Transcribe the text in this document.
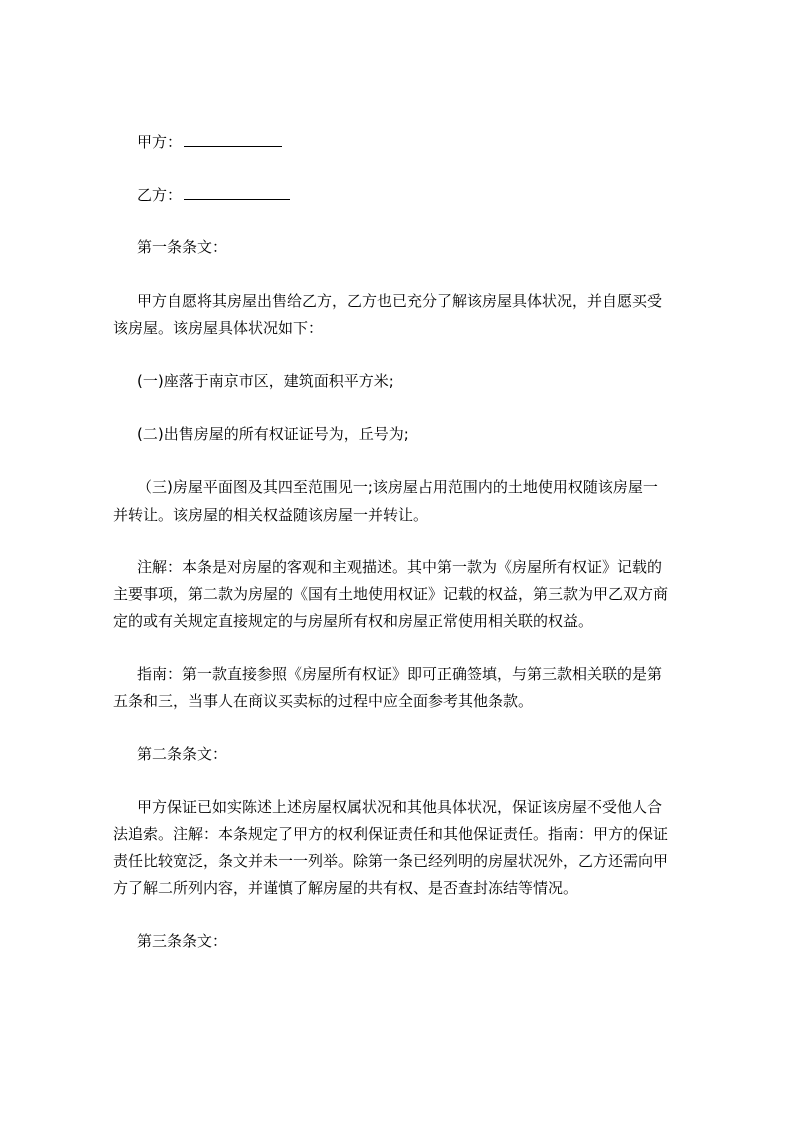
甲方：
乙方：
第一条条文：
甲方自愿将其房屋出售给乙方，乙方也已充分了解该房屋具体状况，并自愿买受
该房屋。该房屋具体状况如下：
(一)座落于南京市区，建筑面积平方米;
(二)出售房屋的所有权证证号为，丘号为;
（三)房屋平面图及其四至范围见一;该房屋占用范围内的土地使用权随该房屋一
并转让。该房屋的相关权益随该房屋一并转让。
注解：本条是对房屋的客观和主观描述。其中第一款为《房屋所有权证》记载的
主要事项，第二款为房屋的《国有土地使用权证》记载的权益，第三款为甲乙双方商
定的或有关规定直接规定的与房屋所有权和房屋正常使用相关联的权益。
指南：第一款直接参照《房屋所有权证》即可正确签填，与第三款相关联的是第
五条和三，当事人在商议买卖标的过程中应全面参考其他条款。
第二条条文：
甲方保证已如实陈述上述房屋权属状况和其他具体状况，保证该房屋不受他人合
法追索。注解：本条规定了甲方的权利保证责任和其他保证责任。指南：甲方的保证
责任比较宽泛，条文并未一一列举。除第一条已经列明的房屋状况外，乙方还需向甲
方了解二所列内容，并谨慎了解房屋的共有权、是否查封冻结等情况。
第三条条文：
